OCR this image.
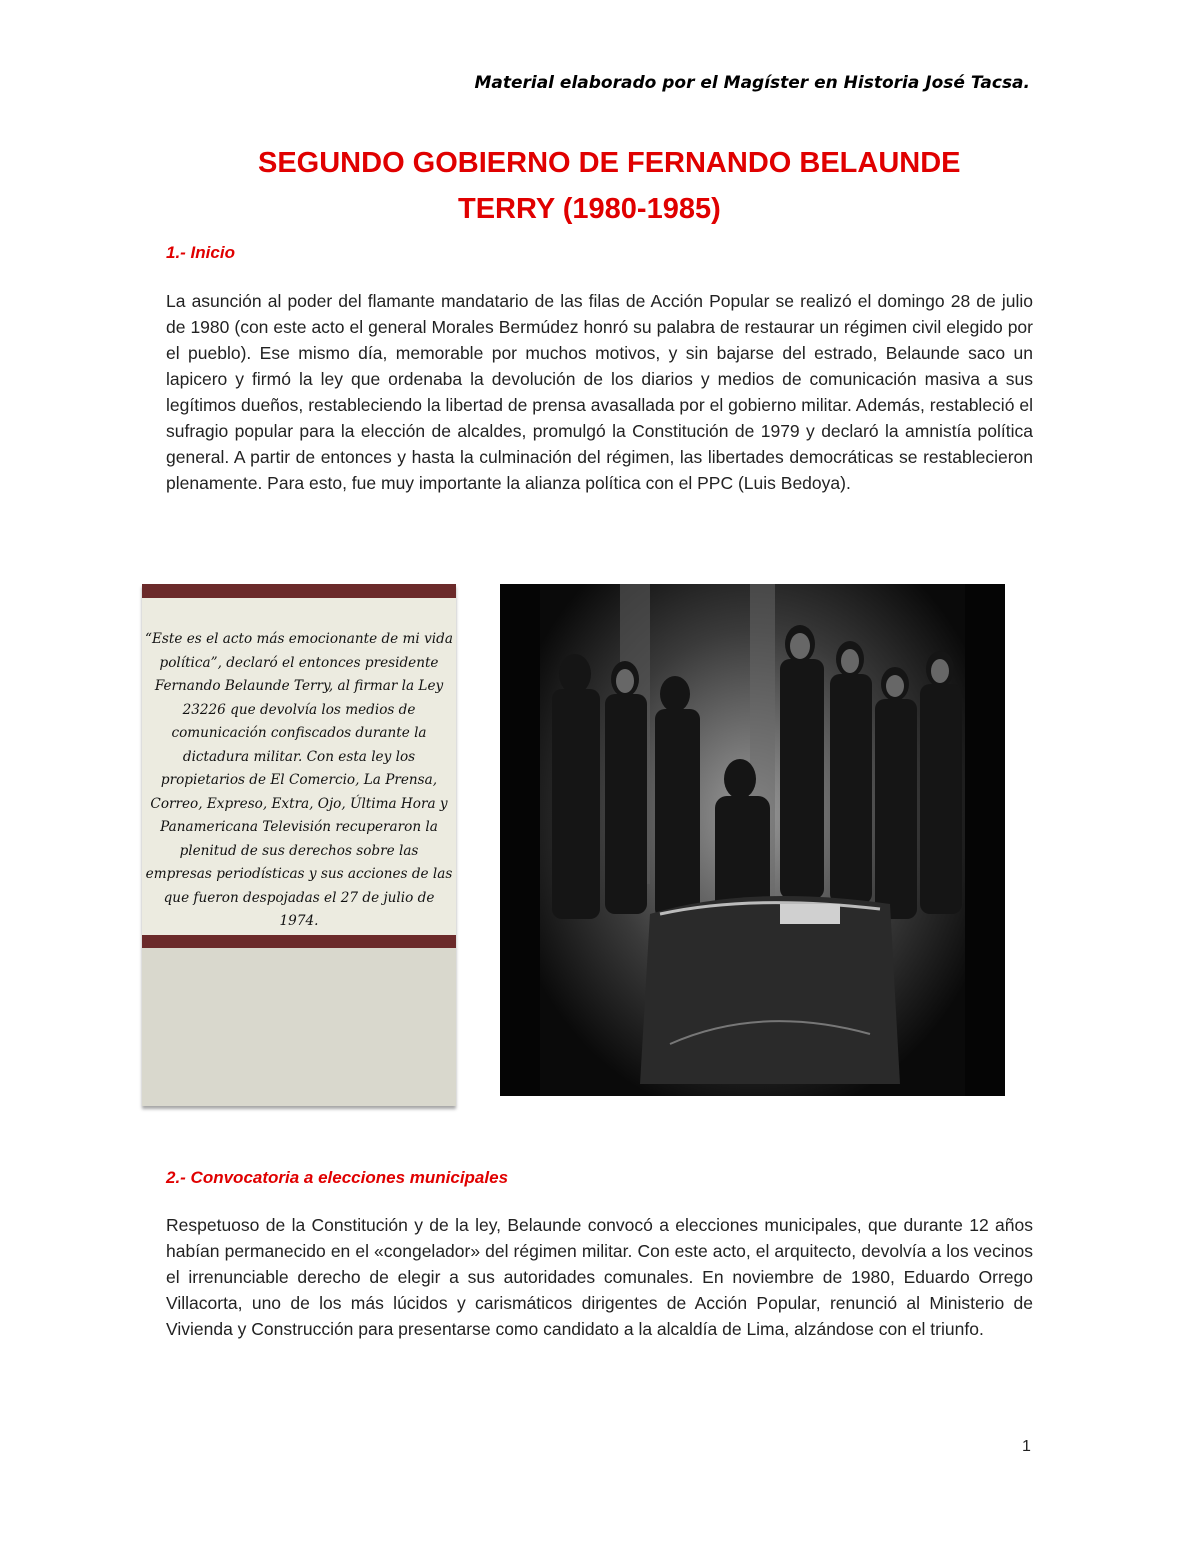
Material elaborado por el Magíster en Historia José Tacsa.
SEGUNDO GOBIERNO DE FERNANDO BELAUNDE
TERRY (1980-1985)
1.- Inicio
La asunción al poder del flamante mandatario de las filas de Acción Popular se realizó el domingo 28 de julio de 1980 (con este acto el general Morales Bermúdez honró su palabra de restaurar un régimen civil elegido por el pueblo). Ese mismo día, memorable por muchos motivos, y sin bajarse del estrado, Belaunde saco un lapicero y firmó la ley que ordenaba la devolución de los diarios y medios de comunicación masiva a sus legítimos dueños, restableciendo la libertad de prensa avasallada por el gobierno militar. Además, restableció el sufragio popular para la elección de alcaldes, promulgó la Constitución de 1979 y declaró la amnistía política general. A partir de entonces y hasta la culminación del régimen, las libertades democráticas se restablecieron plenamente. Para esto, fue muy importante la alianza política con el PPC (Luis Bedoya).
“Este es el acto más emocionante de mi vida política”, declaró el entonces presidente Fernando Belaunde Terry, al firmar la Ley 23226 que devolvía los medios de comunicación confiscados durante la dictadura militar. Con esta ley los propietarios de El Comercio, La Prensa, Correo, Expreso, Extra, Ojo, Última Hora y Panamericana Televisión recuperaron la plenitud de sus derechos sobre las empresas periodísticas y sus acciones de las que fueron despojadas el 27 de julio de 1974.
2.- Convocatoria a elecciones municipales
Respetuoso de la Constitución y de la ley, Belaunde convocó a elecciones municipales, que durante 12 años habían permanecido en el «congelador» del régimen militar. Con este acto, el arquitecto, devolvía a los vecinos el irrenunciable derecho de elegir a sus autoridades comunales. En noviembre de 1980, Eduardo Orrego Villacorta, uno de los más lúcidos y carismáticos dirigentes de Acción Popular, renunció al Ministerio de Vivienda y Construcción para presentarse como candidato a la alcaldía de Lima, alzándose con el triunfo.
1
